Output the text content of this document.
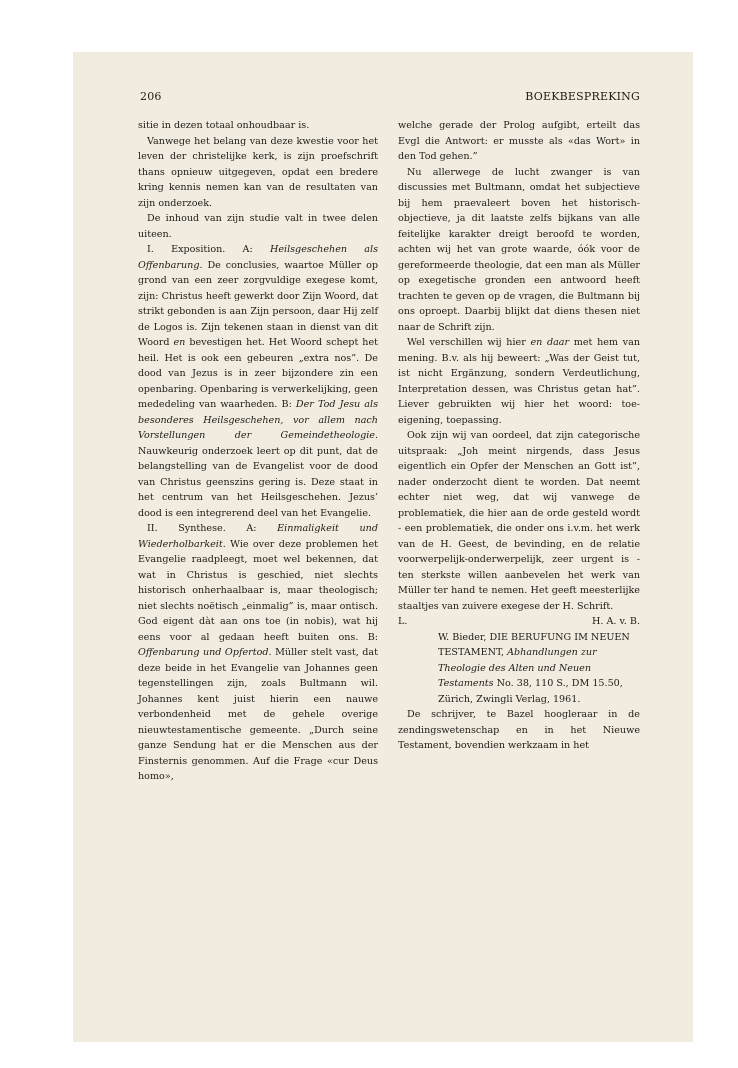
206	BOEKBESPREKING

sitie in dezen totaal onhoudbaar is.

Vanwege het belang van deze kwestie voor het leven der christelijke kerk, is zijn proefschrift thans opnieuw uitgegeven, opdat een bredere kring kennis nemen kan van de resultaten van zijn onderzoek.

De inhoud van zijn studie valt in twee delen uiteen.

I. Exposition. A: Heilsgeschehen als Offenbarung. De conclusies, waartoe Müller op grond van een zeer zorgvuldige exegese komt, zijn: Christus heeft gewerkt door Zijn Woord, dat strikt gebonden is aan Zijn persoon, daar Hij zelf de Logos is. Zijn tekenen staan in dienst van dit Woord en bevestigen het. Het Woord schept het heil. Het is ook een gebeuren „extra nos”. De dood van Jezus is in zeer bijzondere zin een openbaring. Openbaring is verwerkelijking, geen mededeling van waarheden. B: Der Tod Jesu als besonderes Heilsgeschehen, vor allem nach Vorstellungen der Gemeindetheologie. Nauwkeurig onderzoek leert op dit punt, dat de belangstelling van de Evangelist voor de dood van Christus geenszins gering is. Deze staat in het centrum van het Heilsgeschehen. Jezus’ dood is een integrerend deel van het Evangelie.

II. Synthese. A: Einmaligkeit und Wiederholbarkeit. Wie over deze problemen het Evangelie raadpleegt, moet wel bekennen, dat wat in Christus is geschied, niet slechts historisch onherhaalbaar is, maar theologisch; niet slechts noëtisch „einmalig” is, maar ontisch. God eigent dàt aan ons toe (in nobis), wat hij eens voor al gedaan heeft buiten ons. B: Offenbarung und Opfertod. Müller stelt vast, dat deze beide in het Evangelie van Johannes geen tegenstellingen zijn, zoals Bultmann wil. Johannes kent juist hierin een nauwe verbondenheid met de gehele overige nieuwtestamentische gemeente. „Durch seine ganze Sendung hat er die Menschen aus der Finsternis genommen. Auf die Frage «cur Deus homo»,

welche gerade der Prolog aufgibt, erteilt das Evgl die Antwort: er musste als «das Wort» in den Tod gehen.”

Nu allerwege de lucht zwanger is van discussies met Bultmann, omdat het subjectieve bij hem praevaleert boven het historisch-objectieve, ja dit laatste zelfs bijkans van alle feitelijke karakter dreigt beroofd te worden, achten wij het van grote waarde, óók voor de gereformeerde theologie, dat een man als Müller op exegetische gronden een antwoord heeft trachten te geven op de vragen, die Bultmann bij ons oproept. Daarbij blijkt dat diens thesen niet naar de Schrift zijn.

Wel verschillen wij hier en daar met hem van mening. B.v. als hij beweert: „Was der Geist tut, ist nicht Ergänzung, sondern Verdeutlichung, Interpretation dessen, was Christus getan hat”. Liever gebruikten wij hier het woord: toe-eigening, toepassing.

Ook zijn wij van oordeel, dat zijn categorische uitspraak: „Joh meint nirgends, dass Jesus eigentlich ein Opfer der Menschen an Gott ist”, nader onderzocht dient te worden. Dat neemt echter niet weg, dat wij vanwege de problematiek, die hier aan de orde gesteld wordt - een problematiek, die onder ons i.v.m. het werk van de H. Geest, de bevinding, en de relatie voorwerpelijk-onderwerpelijk, zeer urgent is - ten sterkste willen aanbevelen het werk van Müller ter hand te nemen. Het geeft meesterlijke staaltjes van zuivere exegese der H. Schrift.

L.	H. A. v. B.

W. Bieder, DIE BERUFUNG IM NEUEN TESTAMENT, Abhandlungen zur Theologie des Alten und Neuen Testaments No. 38, 110 S., DM 15.50, Zürich, Zwingli Verlag, 1961.

De schrijver, te Bazel hoogleraar in de zendingswetenschap en in het Nieuwe Testament, bovendien werkzaam in het
